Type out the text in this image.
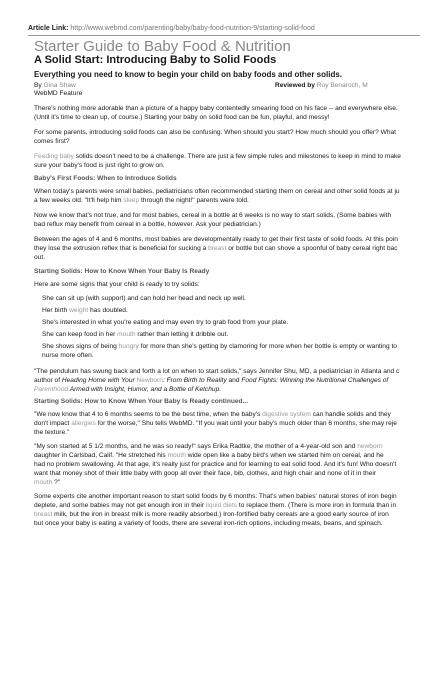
Article Link: http://www.webmd.com/parenting/baby/baby-food-nutrition-9/starting-solid-food
Starter Guide to Baby Food & Nutrition
A Solid Start: Introducing Baby to Solid Foods
Everything you need to know to begin your child on baby foods and other solids.
By Gina Shaw
WebMD Feature
Reviewed by Roy Benaroch, M
There's nothing more adorable than a picture of a happy baby contentedly smearing food on his face -- and everywhere else.
(Until it's time to clean up, of course.) Starting your baby on solid food can be fun, playful, and messy!
For some parents, introducing solid foods can also be confusing. When should you start? How much should you offer? What
comes first?
Feeding baby solids doesn't need to be a challenge. There are just a few simple rules and milestones to keep in mind to make
sure your baby's food is just right to grow on.
Baby's First Foods: When to Introduce Solids
When today's parents were small babies, pediatricians often recommended starting them on cereal and other solid foods at ju
a few weeks old. "It'll help him sleep through the night!" parents were told.
Now we know that's not true, and for most babies, cereal in a bottle at 6 weeks is no way to start solids. (Some babies with
bad reflux may benefit from cereal in a bottle, however. Ask your pediatrician.)
Between the ages of 4 and 6 months, most babies are developmentally ready to get their first taste of solid foods. At this poin
they lose the extrusion reflex that is beneficial for sucking a breast or bottle but can shove a spoonful of baby cereal right bac
out.
Starting Solids: How to Know When Your Baby Is Ready
Here are some signs that your child is ready to try solids:
She can sit up (with support) and can hold her head and neck up well.
Her birth weight has doubled.
She's interested in what you're eating and may even try to grab food from your plate.
She can keep food in her mouth rather than letting it dribble out.
She shows signs of being hungry for more than she's getting by clamoring for more when her bottle is empty or wanting to
nurse more often.
"The pendulum has swung back and forth a lot on when to start solids," says Jennifer Shu, MD, a pediatrician in Atlanta and c
author of Heading Home with Your Newborn: From Birth to Reality and Food Fights: Winning the Nutritional Challenges of
Parenthood Armed with Insight, Humor, and a Bottle of Ketchup.
Starting Solids: How to Know When Your Baby Is Ready continued...
"We now know that 4 to 6 months seems to be the best time, when the baby's digestive system can handle solids and they
don't impact allergies for the worse," Shu tells WebMD. "If you wait until your baby's much older than 6 months, she may reje
the texture."
"My son started at 5 1/2 months, and he was so ready!" says Erika Radtke, the mother of a 4-year-old son and newborn
daughter in Carlsbad, Calif. "He stretched his mouth wide open like a baby bird's when we started him on cereal, and he
had no problem swallowing. At that age, it's really just for practice and for learning to eat solid food. And it's fun! Who doesn't
want that money shot of their little baby with goop all over their face, bib, clothes, and high chair and none of it in their
mouth ?"
Some experts cite another important reason to start solid foods by 6 months: That's when babies' natural stores of iron begin
deplete, and some babies may not get enough iron in their liquid diets to replace them. (There is more iron in formula than in
breast milk, but the iron in breast milk is more readily absorbed.) Iron-fortified baby cereals are a good early source of iron
but once your baby is eating a variety of foods, there are several iron-rich options, including meats, beans, and spinach.
